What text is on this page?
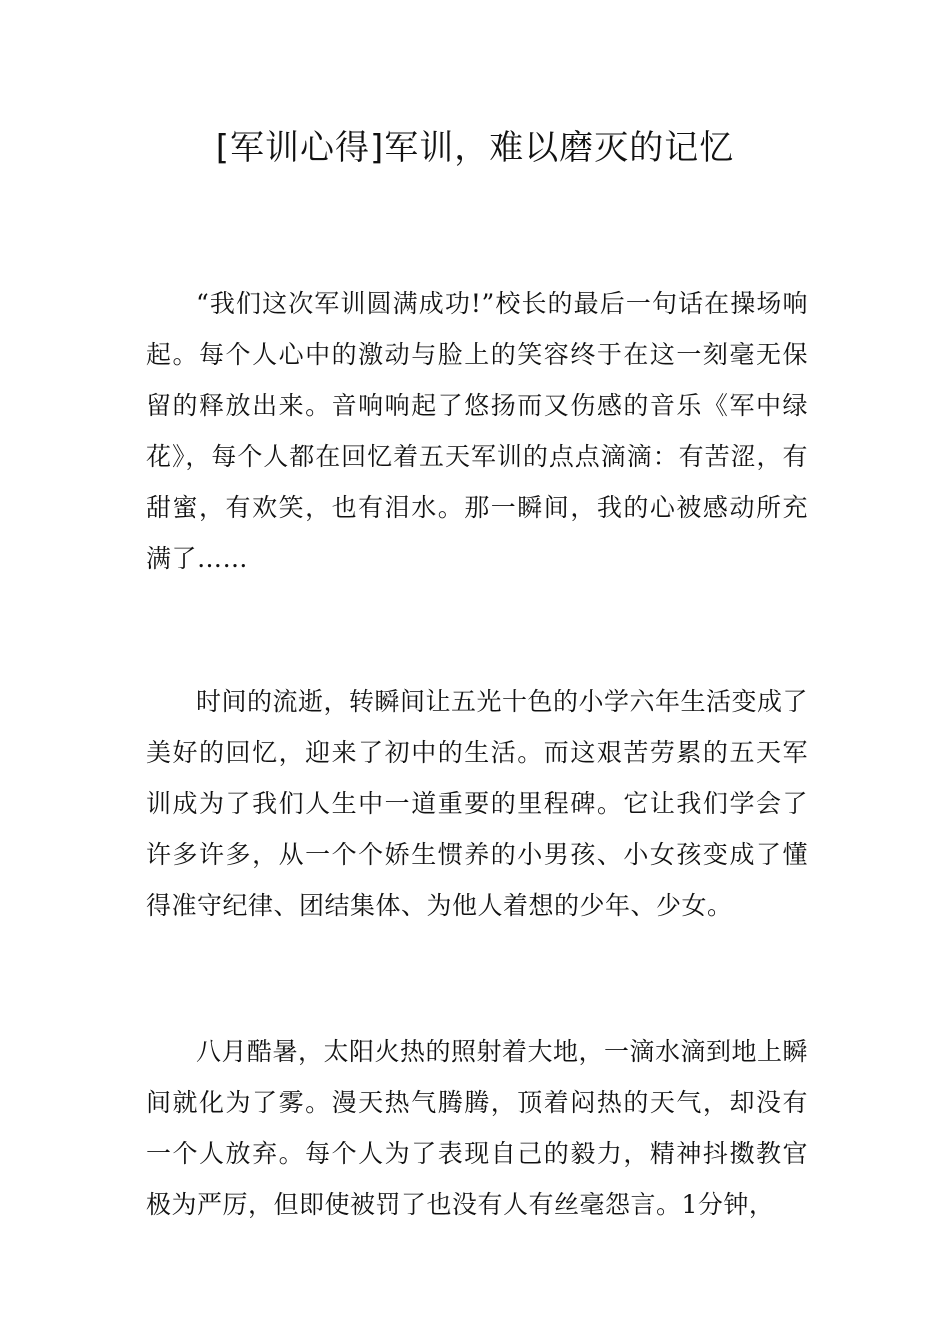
[军训心得]军训，难以磨灭的记忆

“我们这次军训圆满成功!”校长的最后一句话在操场响起。每个人心中的激动与脸上的笑容终于在这一刻毫无保留的释放出来。音响响起了悠扬而又伤感的音乐《军中绿花》，每个人都在回忆着五天军训的点点滴滴：有苦涩，有甜蜜，有欢笑，也有泪水。那一瞬间，我的心被感动所充满了……

时间的流逝，转瞬间让五光十色的小学六年生活变成了美好的回忆，迎来了初中的生活。而这艰苦劳累的五天军训成为了我们人生中一道重要的里程碑。它让我们学会了许多许多，从一个个娇生惯养的小男孩、小女孩变成了懂得准守纪律、团结集体、为他人着想的少年、少女。

八月酷暑，太阳火热的照射着大地，一滴水滴到地上瞬间就化为了雾。漫天热气腾腾，顶着闷热的天气，却没有一个人放弃。每个人为了表现自己的毅力，精神抖擞教官极为严厉，但即使被罚了也没有人有丝毫怨言。1分钟，
